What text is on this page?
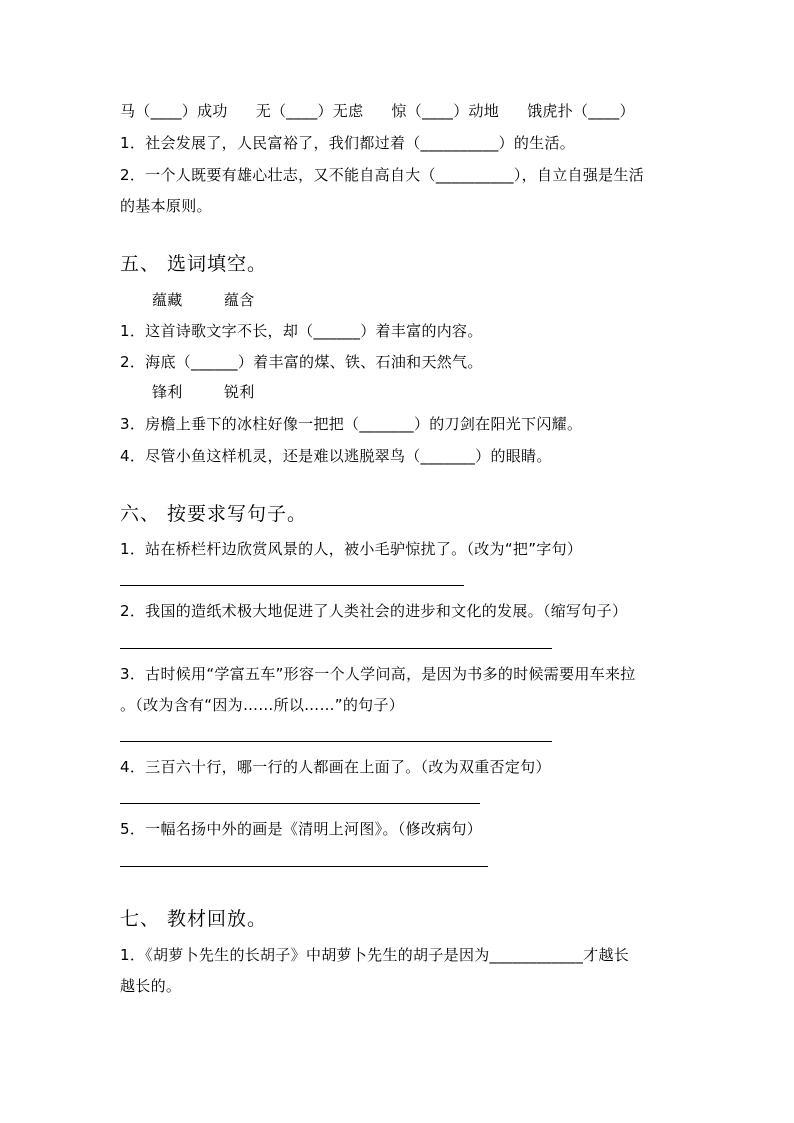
马（____）成功 无（____）无虑 惊（____）动地 饿虎扑（____）
1．社会发展了，人民富裕了，我们都过着（__________）的生活。
2．一个人既要有雄心壮志，又不能自高自大（__________），自立自强是生活
的基本原则。
五、 选词填空。
蕴藏	蕴含
1．这首诗歌文字不长，却（______）着丰富的内容。
2．海底（______）着丰富的煤、铁、石油和天然气。
锋利	锐利
3．房檐上垂下的冰柱好像一把把（_______）的刀剑在阳光下闪耀。
4．尽管小鱼这样机灵，还是难以逃脱翠鸟（_______）的眼睛。
六、 按要求写句子。
1．站在桥栏杆边欣赏风景的人，被小毛驴惊扰了。（改为“把”字句）
2．我国的造纸术极大地促进了人类社会的进步和文化的发展。（缩写句子）
3．古时候用“学富五车”形容一个人学问高，是因为书多的时候需要用车来拉
。（改为含有“因为……所以……”的句子）
4．三百六十行，哪一行的人都画在上面了。（改为双重否定句）
5．一幅名扬中外的画是《清明上河图》。（修改病句）
七、 教材回放。
1．《胡萝卜先生的长胡子》中胡萝卜先生的胡子是因为____________才越长
越长的。
